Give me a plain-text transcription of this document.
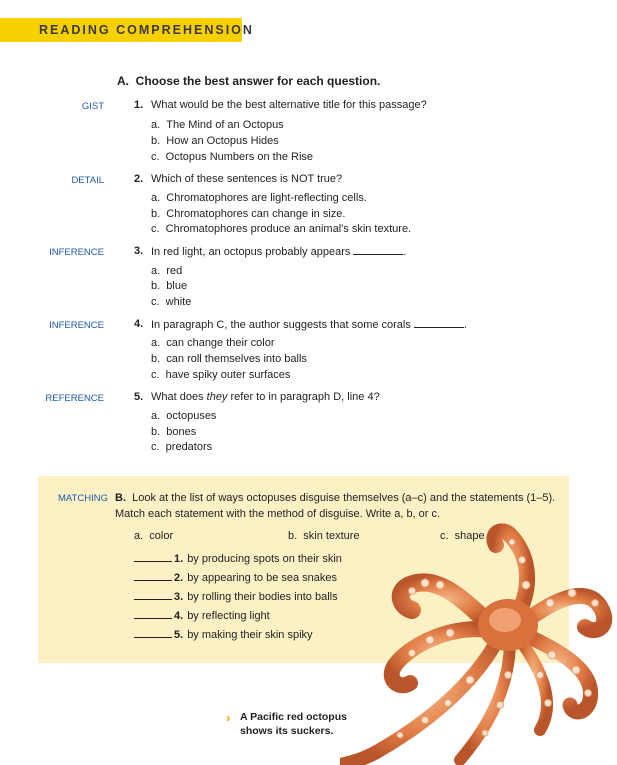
READING COMPREHENSION
A.  Choose the best answer for each question.
GIST	1. What would be the best alternative title for this passage?
a.  The Mind of an Octopus
b.  How an Octopus Hides
c.  Octopus Numbers on the Rise
DETAIL	2. Which of these sentences is NOT true?
a.  Chromatophores are light-reflecting cells.
b.  Chromatophores can change in size.
c.  Chromatophores produce an animal's skin texture.
INFERENCE	3. In red light, an octopus probably appears	.
a.  red
b.  blue
c.  white
INFERENCE	4. In paragraph C, the author suggests that some corals	.
a.  can change their color
b.  can roll themselves into balls
c.  have spiky outer surfaces
REFERENCE	5. What does they refer to in paragraph D, line 4?
a.  octopuses
b.  bones
c.  predators
MATCHING B. Look at the list of ways octopuses disguise themselves (a–c) and the statements (1–5). Match each statement with the method of disguise. Write a, b, or c.
a.  color	b.  skin texture	c.  shape
1. by producing spots on their skin
2. by appearing to be sea snakes
3. by rolling their bodies into balls
4. by reflecting light
5. by making their skin spiky
› A Pacific red octopus
shows its suckers.
